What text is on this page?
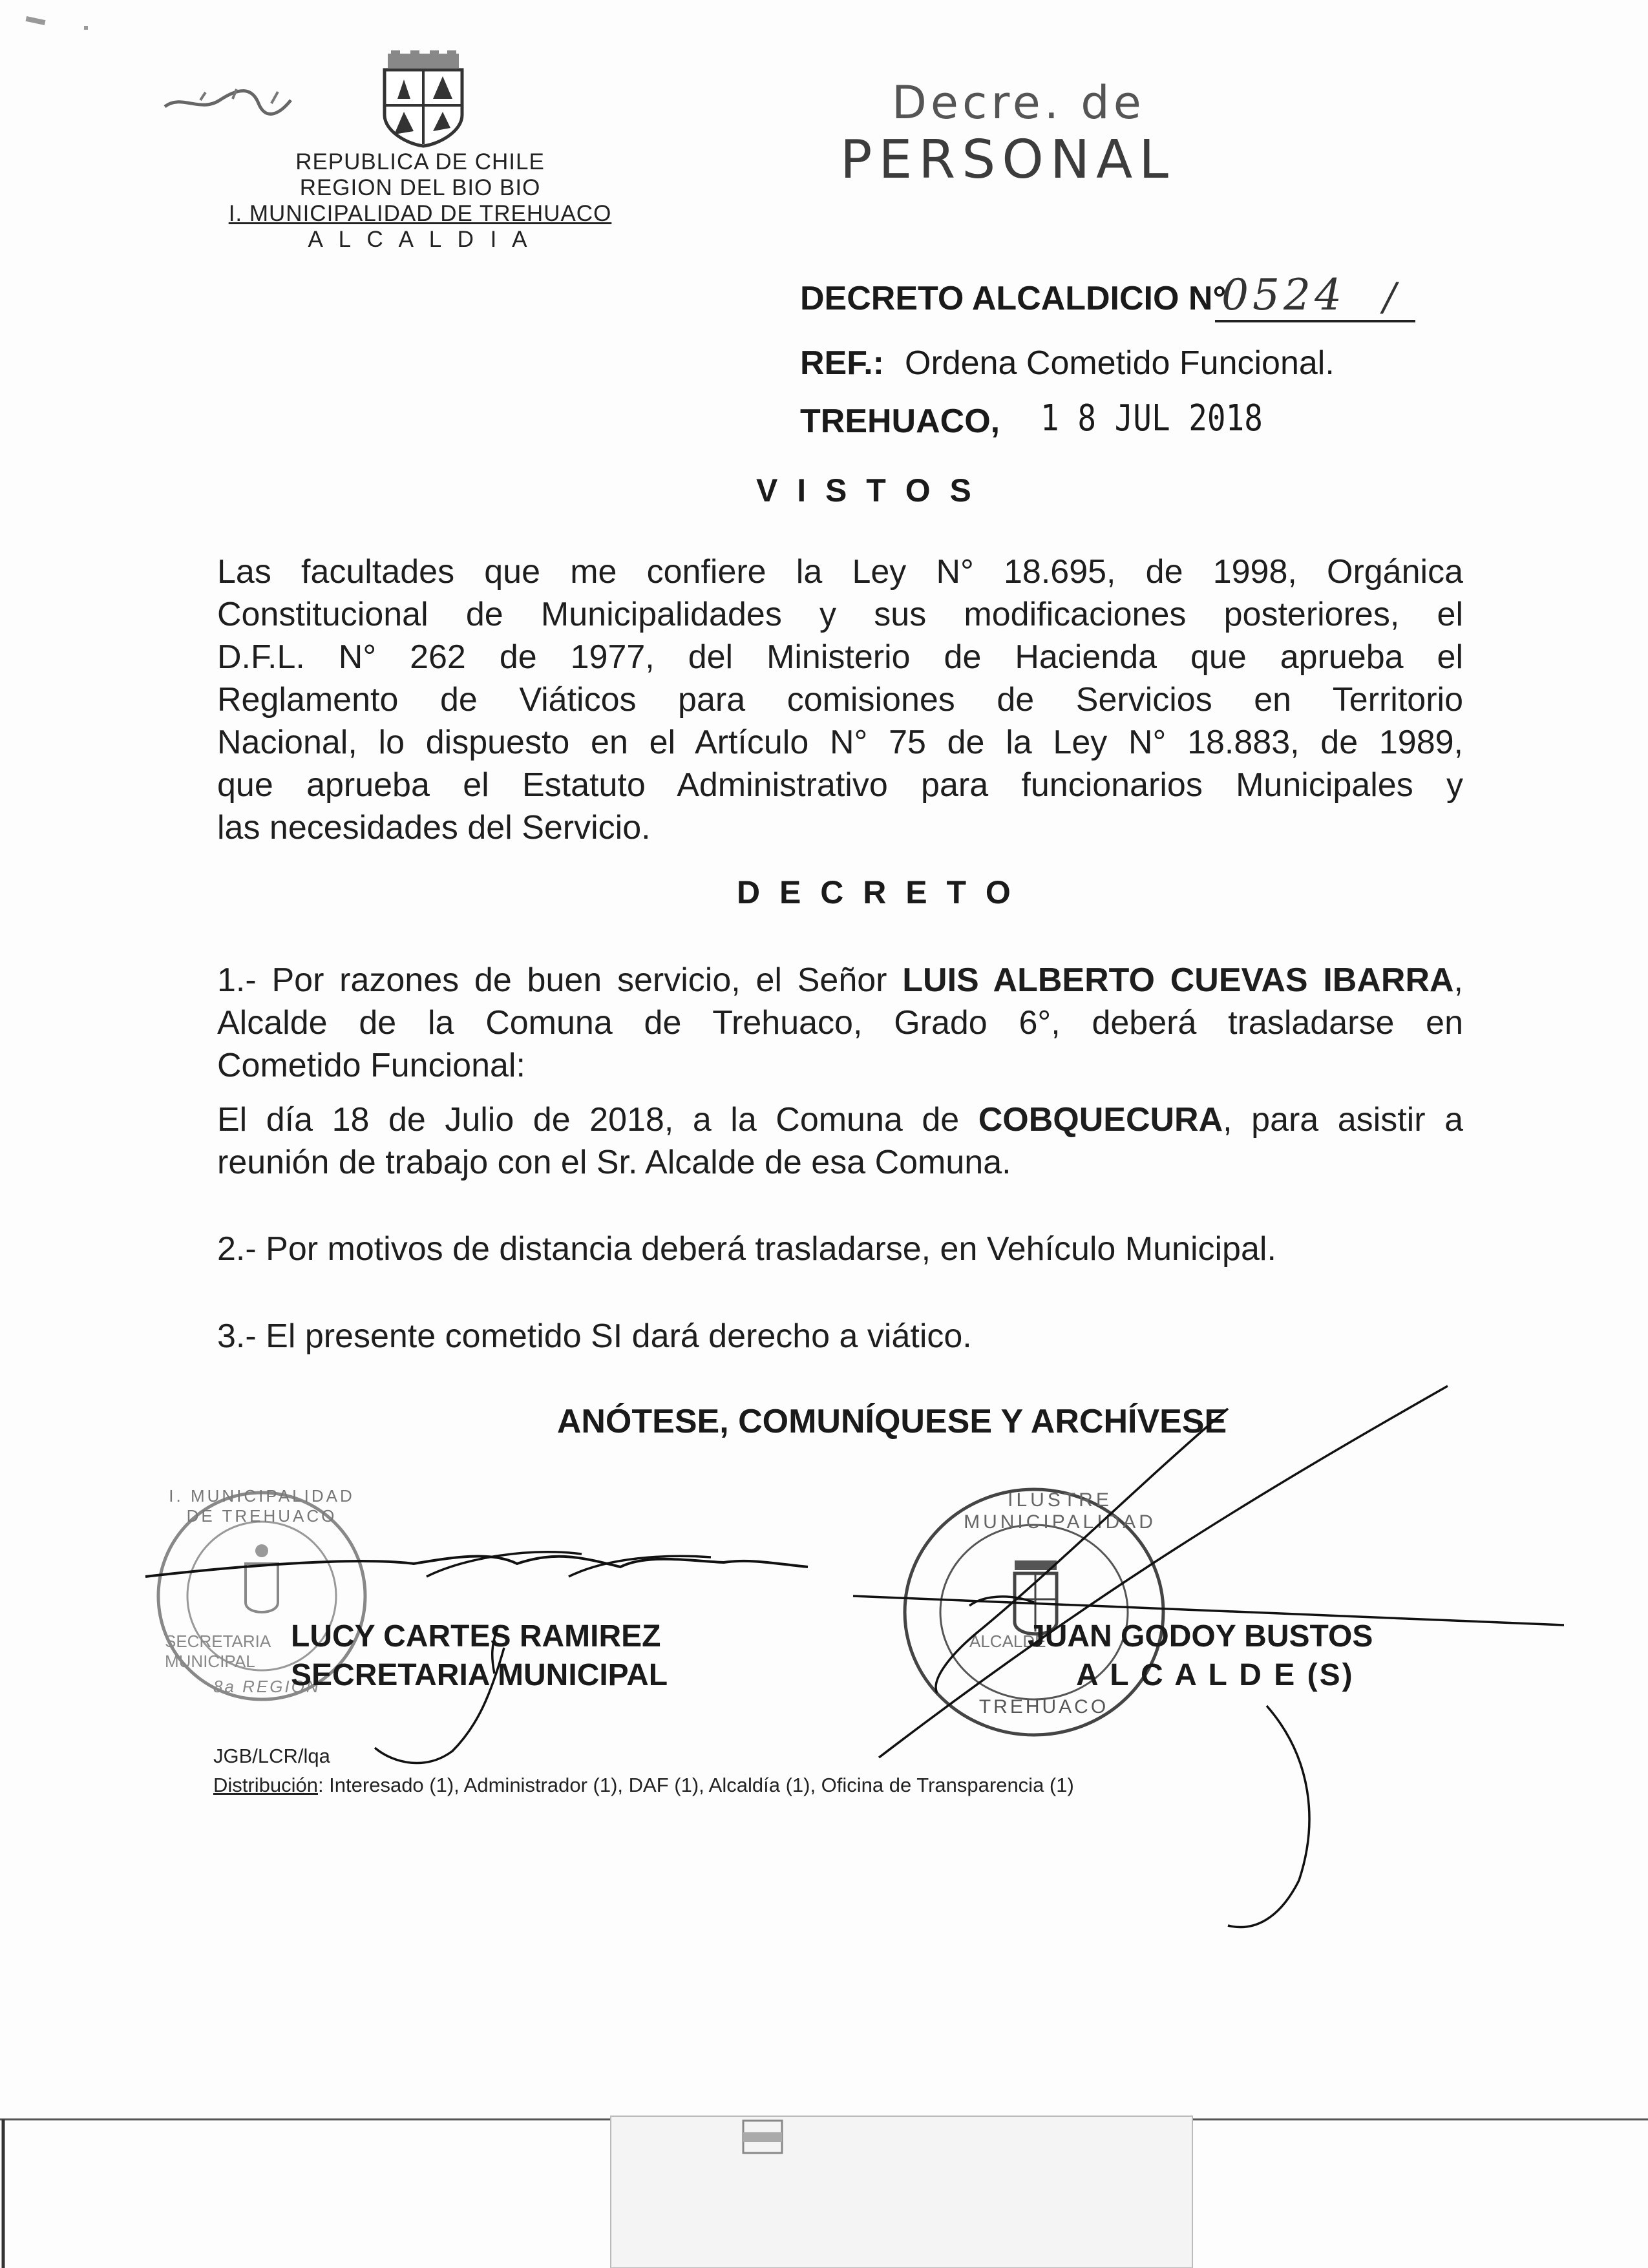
REPUBLICA DE CHILE
REGION DEL BIO BIO
I. MUNICIPALIDAD DE TREHUACO
A L C A L D I A
Decre. de
PERSONAL
DECRETO ALCALDICIO N°
0524 /
REF.: Ordena Cometido Funcional.
TREHUACO, 1 8 JUL 2018
V I S T O S
Las facultades que me confiere la Ley N° 18.695, de 1998, Orgánica
Constitucional de Municipalidades y sus modificaciones posteriores, el
D.F.L. N° 262 de 1977, del Ministerio de Hacienda que aprueba el
Reglamento de Viáticos para comisiones de Servicios en Territorio
Nacional, lo dispuesto en el Artículo N° 75 de la Ley N° 18.883, de 1989,
que aprueba el Estatuto Administrativo para funcionarios Municipales y
las necesidades del Servicio.
D E C R E T O
1.- Por razones de buen servicio, el Señor LUIS ALBERTO CUEVAS IBARRA,
Alcalde de la Comuna de Trehuaco, Grado 6°, deberá trasladarse en
Cometido Funcional:
El día 18 de Julio de 2018, a la Comuna de COBQUECURA, para asistir a
reunión de trabajo con el Sr. Alcalde de esa Comuna.
2.- Por motivos de distancia deberá trasladarse, en Vehículo Municipal.
3.- El presente cometido SI dará derecho a viático.
ANÓTESE, COMUNÍQUESE Y ARCHÍVESE
I. MUNICIPALIDAD DE TREHUACO
SECRETARIA MUNICIPAL
8a REGION
ILUSTRE MUNICIPALIDAD
ALCALDE
TREHUACO
LUCY CARTES RAMIREZ
SECRETARIA MUNICIPAL
JUAN GODOY BUSTOS
A L C A L D E (S)
JGB/LCR/lqa
Distribución: Interesado (1), Administrador (1), DAF (1), Alcaldía (1), Oficina de Transparencia (1)
